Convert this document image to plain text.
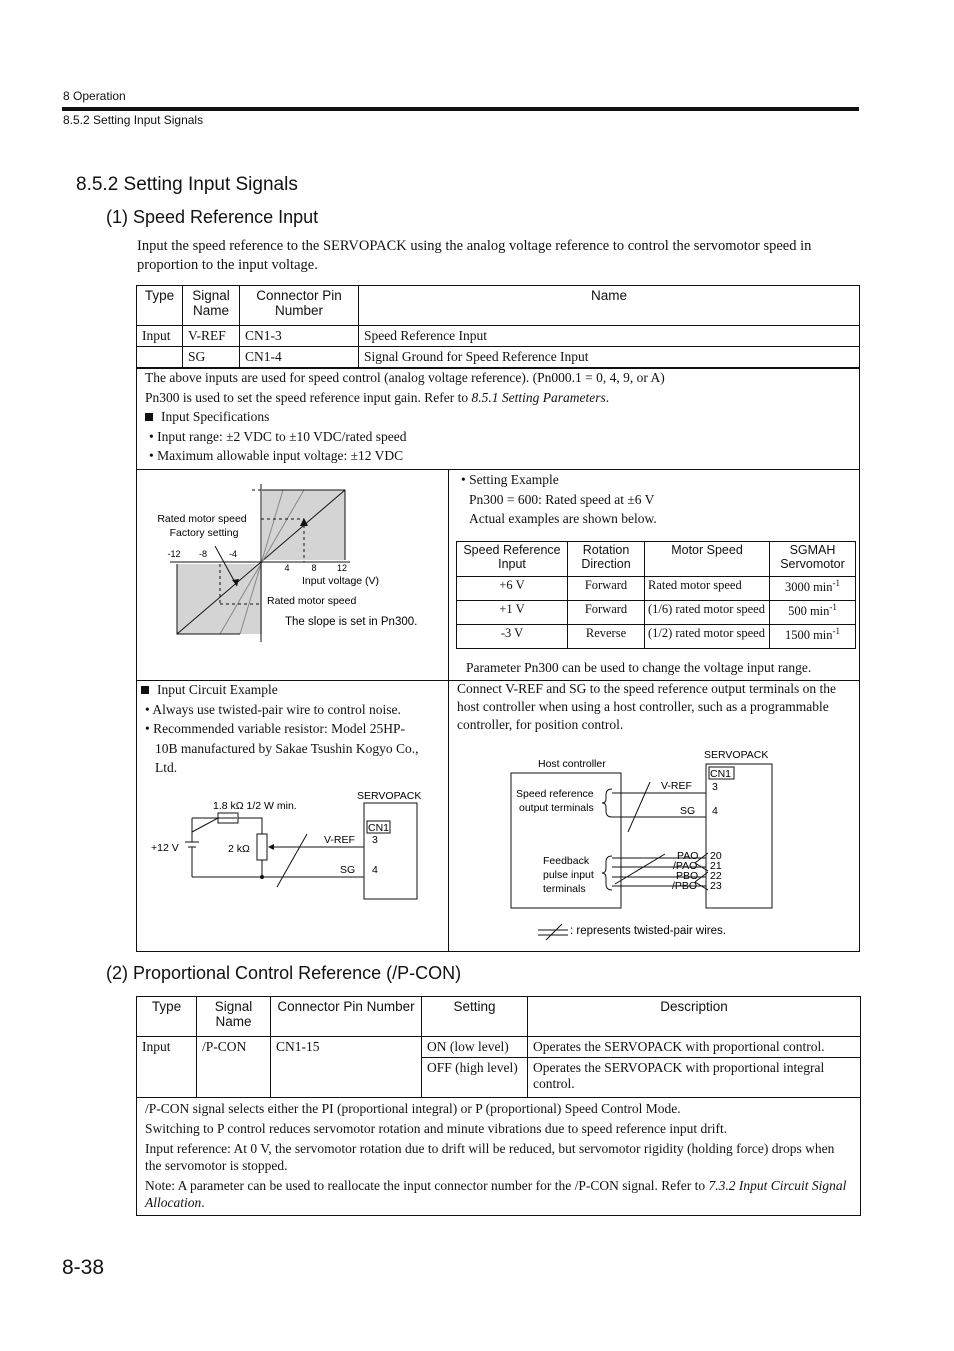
8 Operation
8.5.2 Setting Input Signals
8.5.2 Setting Input Signals
(1) Speed Reference Input
Input the speed reference to the SERVOPACK using the analog voltage reference to control the servomotor speed in proportion to the input voltage.
Type	Signal Name	Connector Pin Number	Name
Input	V-REF	CN1-3	Speed Reference Input
	SG	CN1-4	Signal Ground for Speed Reference Input
The above inputs are used for speed control (analog voltage reference). (Pn000.1 = 0, 4, 9, or A)
Pn300 is used to set the speed reference input gain. Refer to 8.5.1 Setting Parameters.
Input Specifications
• Input range: ±2 VDC to ±10 VDC/rated speed
• Maximum allowable input voltage: ±12 VDC
Rated motor speed
Factory setting
-12 -8 -4
4 8 12
Input voltage (V)
Rated motor speed
The slope is set in Pn300.
• Setting Example
Pn300 = 600: Rated speed at ±6 V
Actual examples are shown below.
Speed Reference Input	Rotation Direction	Motor Speed	SGMAH Servomotor
+6 V	Forward	Rated motor speed	3000 $\min^{-1}$
+1 V	Forward	(1/6) rated motor speed	500 $\min^{-1}$
-3 V	Reverse	(1/2) rated motor speed	1500 $\min^{-1}$
Parameter Pn300 can be used to change the voltage input range.
Input Circuit Example
• Always use twisted-pair wire to control noise.
• Recommended variable resistor: Model 25HP-
10B manufactured by Sakae Tsushin Kogyo Co.,
Ltd.
1.8 kΩ 1/2 W min.
SERVOPACK
CN1
+12 V	2 kΩ
V-REF 3
SG 4
Connect V-REF and SG to the speed reference output terminals on the host controller when using a host controller, such as a programmable controller, for position control.
Host controller
SERVOPACK
CN1
Speed reference
output terminals
V-REF
SG
3
4
Feedback
pulse input
terminals
PAO
/PAO
PBO
/PBO
20
21
22
23
: represents twisted-pair wires.
(2) Proportional Control Reference (/P-CON)
Type	Signal Name	Connector Pin Number	Setting	Description
Input	/P-CON	CN1-15	ON (low level)	Operates the SERVOPACK with proportional control.
			OFF (high level)	Operates the SERVOPACK with proportional integral control.

/P-CON signal selects either the PI (proportional integral) or P (proportional) Speed Control Mode.
Switching to P control reduces servomotor rotation and minute vibrations due to speed reference input drift.
Input reference: At 0 V, the servomotor rotation due to drift will be reduced, but servomotor rigidity (holding force) drops when the servomotor is stopped.
Note: A parameter can be used to reallocate the input connector number for the /P-CON signal. Refer to 7.3.2 Input Circuit Signal Allocation.				
8-38
